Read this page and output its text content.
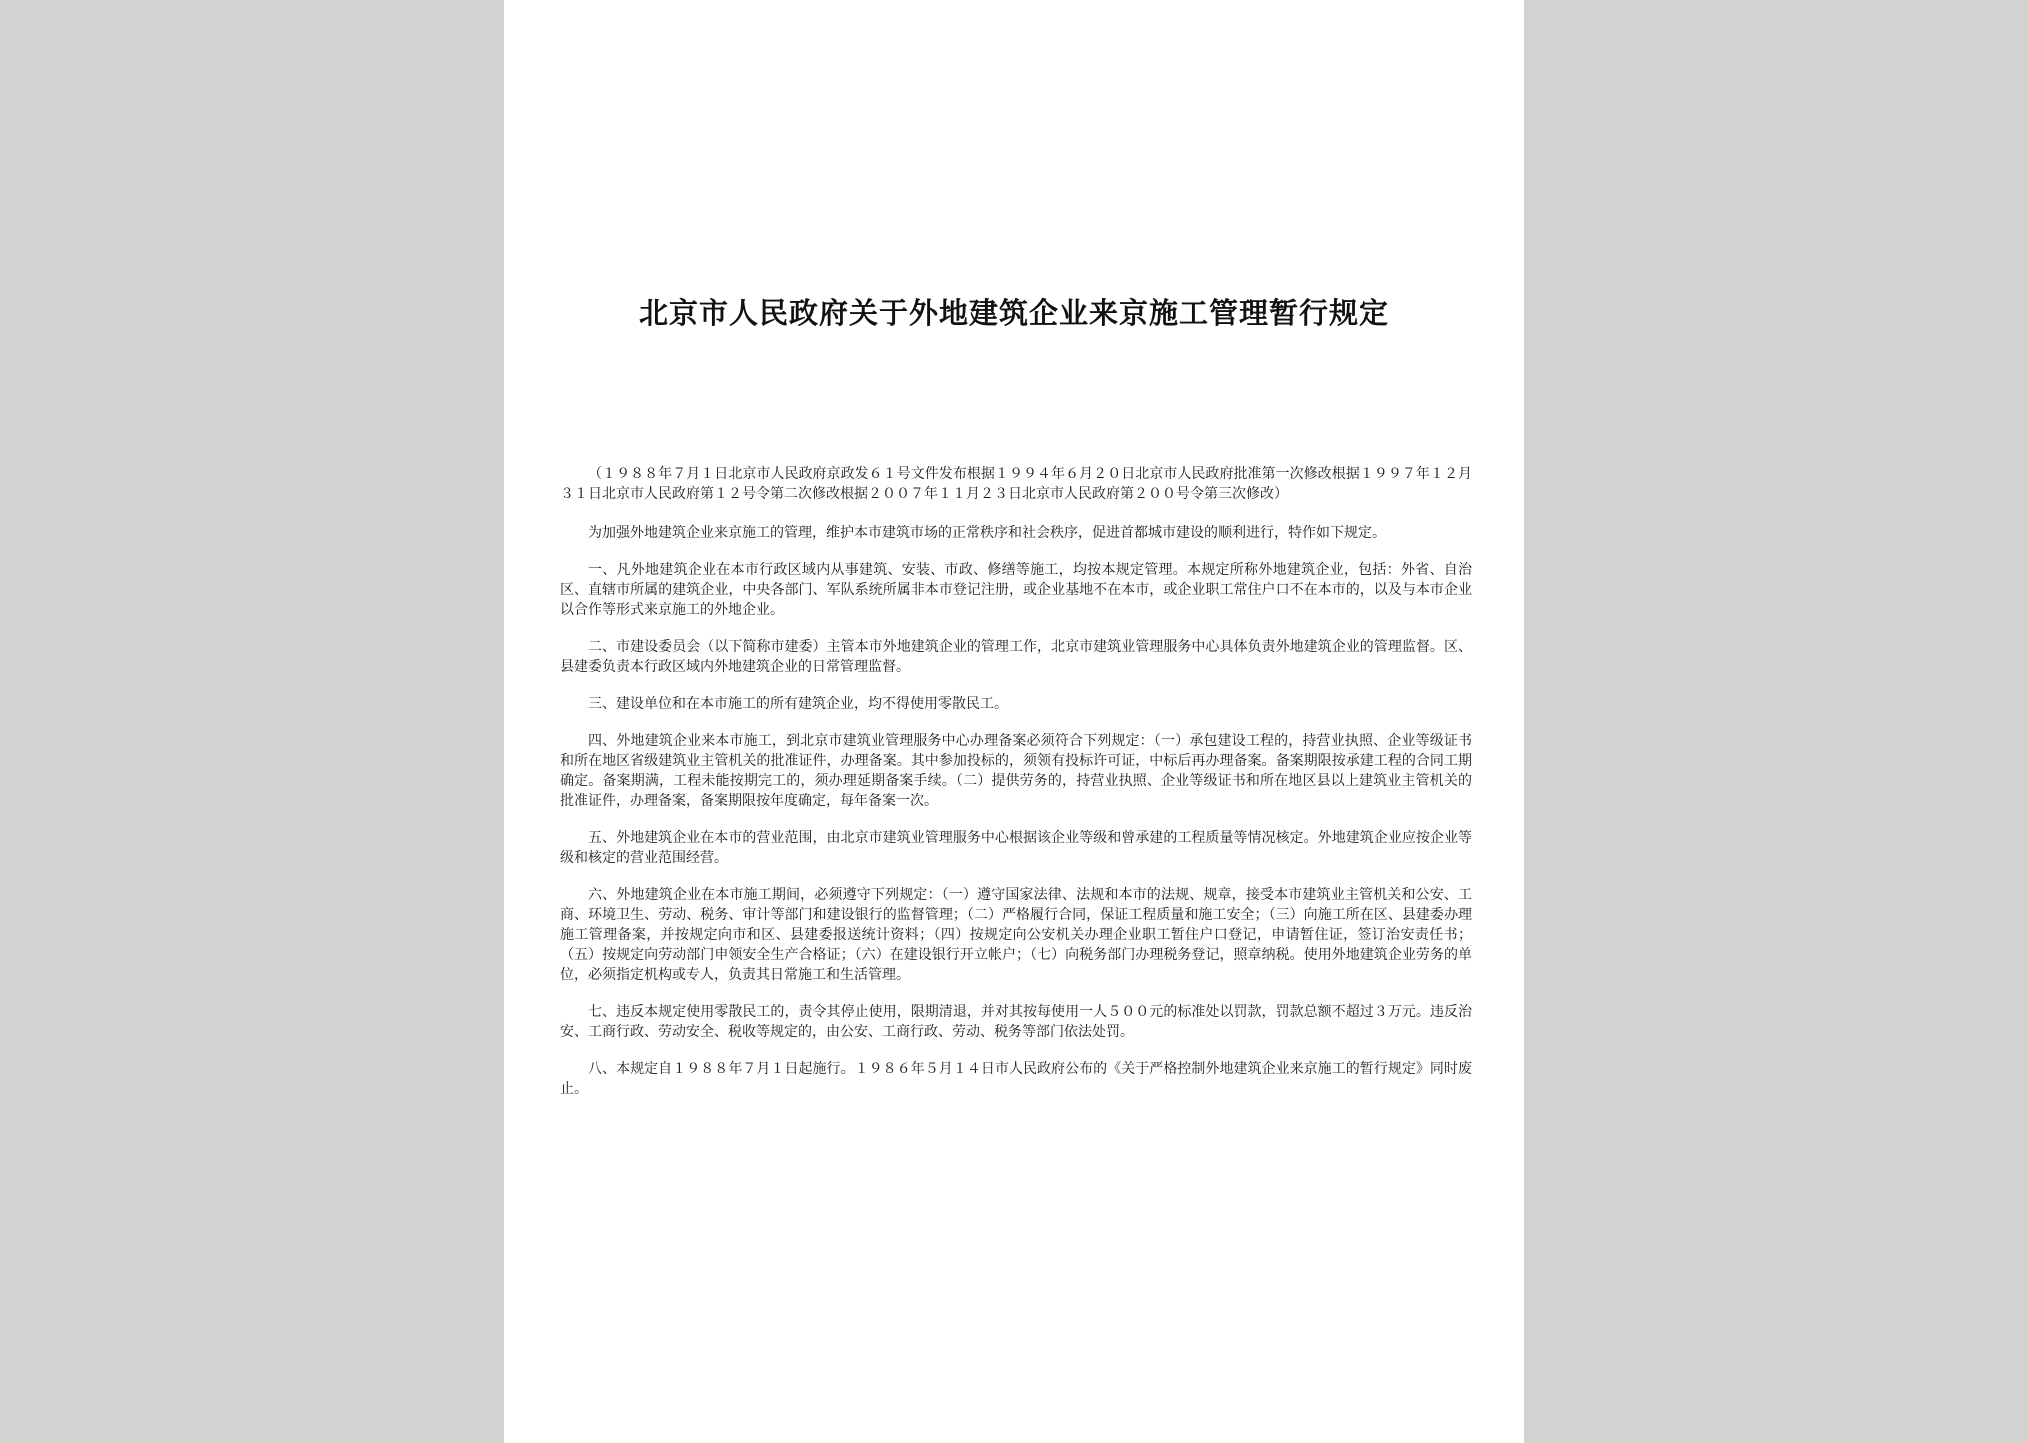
北京市人民政府关于外地建筑企业来京施工管理暂行规定

（１９８８年７月１日北京市人民政府京政发６１号文件发布根据１９９４年６月２０日北京市人民政府批准第一次修改根据１９９７年１２月３１日北京市人民政府第１２号令第二次修改根据２００７年１１月２３日北京市人民政府第２００号令第三次修改）

为加强外地建筑企业来京施工的管理，维护本市建筑市场的正常秩序和社会秩序，促进首都城市建设的顺利进行，特作如下规定。

一、凡外地建筑企业在本市行政区域内从事建筑、安装、市政、修缮等施工，均按本规定管理。本规定所称外地建筑企业，包括：外省、自治区、直辖市所属的建筑企业，中央各部门、军队系统所属非本市登记注册，或企业基地不在本市，或企业职工常住户口不在本市的，以及与本市企业以合作等形式来京施工的外地企业。

二、市建设委员会（以下简称市建委）主管本市外地建筑企业的管理工作，北京市建筑业管理服务中心具体负责外地建筑企业的管理监督。区、县建委负责本行政区域内外地建筑企业的日常管理监督。

三、建设单位和在本市施工的所有建筑企业，均不得使用零散民工。

四、外地建筑企业来本市施工，到北京市建筑业管理服务中心办理备案必须符合下列规定：（一）承包建设工程的，持营业执照、企业等级证书和所在地区省级建筑业主管机关的批准证件，办理备案。其中参加投标的，须领有投标许可证，中标后再办理备案。备案期限按承建工程的合同工期确定。备案期满，工程未能按期完工的，须办理延期备案手续。（二）提供劳务的，持营业执照、企业等级证书和所在地区县以上建筑业主管机关的批准证件，办理备案，备案期限按年度确定，每年备案一次。

五、外地建筑企业在本市的营业范围，由北京市建筑业管理服务中心根据该企业等级和曾承建的工程质量等情况核定。外地建筑企业应按企业等级和核定的营业范围经营。

六、外地建筑企业在本市施工期间，必须遵守下列规定：（一）遵守国家法律、法规和本市的法规、规章，接受本市建筑业主管机关和公安、工商、环境卫生、劳动、税务、审计等部门和建设银行的监督管理；（二）严格履行合同，保证工程质量和施工安全；（三）向施工所在区、县建委办理施工管理备案，并按规定向市和区、县建委报送统计资料；（四）按规定向公安机关办理企业职工暂住户口登记，申请暂住证，签订治安责任书；（五）按规定向劳动部门申领安全生产合格证；（六）在建设银行开立帐户；（七）向税务部门办理税务登记，照章纳税。使用外地建筑企业劳务的单位，必须指定机构或专人，负责其日常施工和生活管理。

七、违反本规定使用零散民工的，责令其停止使用，限期清退，并对其按每使用一人５００元的标准处以罚款，罚款总额不超过３万元。违反治安、工商行政、劳动安全、税收等规定的，由公安、工商行政、劳动、税务等部门依法处罚。

八、本规定自１９８８年７月１日起施行。１９８６年５月１４日市人民政府公布的《关于严格控制外地建筑企业来京施工的暂行规定》同时废止。
